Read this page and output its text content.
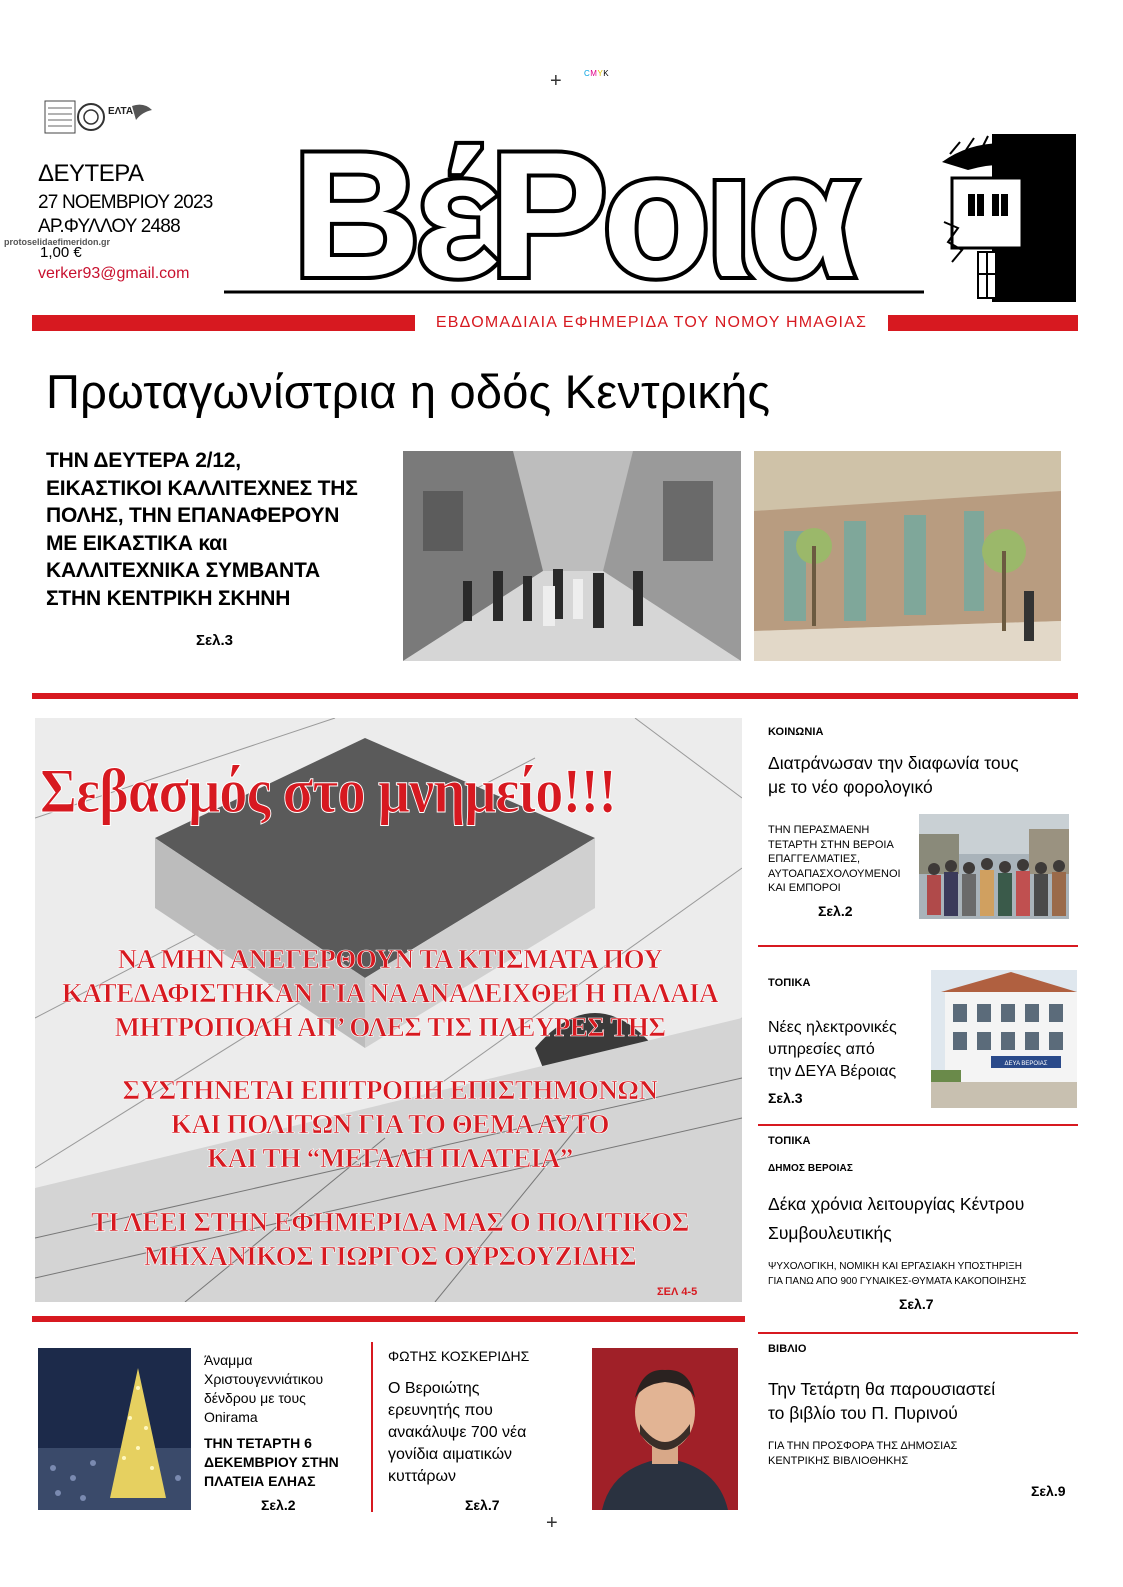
+	CMYK
ΕΛΤΑ
ΔΕΥΤΕΡΑ
27 ΝΟΕΜΒΡΙΟΥ 2023
ΑΡ.ΦΥΛΛΟΥ 2488
1,00 €
verker93@gmail.com
protoselidaefimeridon.gr ΒέΡοια
ΕΒΔΟΜΑΔΙΑΙΑ ΕΦΗΜΕΡΙΔΑ ΤΟΥ ΝΟΜΟΥ ΗΜΑΘΙΑΣ
Πρωταγωνίστρια η οδός Κεντρικής
ΤΗΝ ΔΕΥΤΕΡΑ 2/12,
ΕΙΚΑΣΤΙΚΟΙ ΚΑΛΛΙΤΕΧΝΕΣ ΤΗΣ
ΠΟΛΗΣ, ΤΗΝ ΕΠΑΝΑΦΕΡΟΥΝ
ΜΕ ΕΙΚΑΣΤΙΚΑ και
ΚΑΛΛΙΤΕΧΝΙΚΑ ΣΥΜΒΑΝΤΑ
ΣΤΗΝ ΚΕΝΤΡΙΚΗ ΣΚΗΝΗ
Σελ.3
Σεβασμός στο μνημείο!!!
ΝΑ ΜΗΝ ΑΝΕΓΕΡΘΟΥΝ ΤΑ ΚΤΙΣΜΑΤΑ ΠΟΥ
ΚΑΤΕΔΑΦΙΣΤΗΚΑΝ ΓΙΑ ΝΑ ΑΝΑΔΕΙΧΘΕΙ Η ΠΑΛΑΙΑ
ΜΗΤΡΟΠΟΛΗ ΑΠ’ ΟΛΕΣ ΤΙΣ ΠΛΕΥΡΕΣ ΤΗΣ
ΣΥΣΤΗΝΕΤΑΙ ΕΠΙΤΡΟΠΗ ΕΠΙΣΤΗΜΟΝΩΝ
ΚΑΙ ΠΟΛΙΤΩΝ ΓΙΑ ΤΟ ΘΕΜΑ ΑΥΤΟ
ΚΑΙ ΤΗ “ΜΕΓΑΛΗ ΠΛΑΤΕΙΑ”
ΤΙ ΛΕΕΙ ΣΤΗΝ ΕΦΗΜΕΡΙΔΑ ΜΑΣ Ο ΠΟΛΙΤΙΚΟΣ
ΜΗΧΑΝΙΚΟΣ ΓΙΩΡΓΟΣ ΟΥΡΣΟΥΖΙΔΗΣ
ΣΕΛ 4-5
ΚΟΙΝΩΝΙΑ
Διατράνωσαν την διαφωνία τους
με το νέο φορολογικό
ΤΗΝ ΠΕΡΑΣΜΑΕΝΗ
ΤΕΤΑΡΤΗ ΣΤΗΝ ΒΕΡΟΙΑ
ΕΠΑΓΓΕΛΜΑΤΙΕΣ,
ΑΥΤΟΑΠΑΣΧΟΛΟΥΜΕΝΟΙ
ΚΑΙ ΕΜΠΟΡΟΙ
Σελ.2
ΤΟΠΙΚΑ
Νέες ηλεκτρονικές
υπηρεσίες από
την ΔΕΥΑ Βέροιας
Σελ.3
ΔΕΥΑ ΒΕΡΟΙΑΣ
ΤΟΠΙΚΑ
ΔΗΜΟΣ ΒΕΡΟΙΑΣ
Δέκα χρόνια λειτουργίας Κέντρου
Συμβουλευτικής
ΨΥΧΟΛΟΓΙΚΗ, ΝΟΜΙΚΗ ΚΑΙ ΕΡΓΑΣΙΑΚΗ ΥΠΟΣΤΗΡΙΞΗ
ΓΙΑ ΠΑΝΩ ΑΠΟ 900 ΓΥΝΑΙΚΕΣ-ΘΥΜΑΤΑ ΚΑΚΟΠΟΙΗΣΗΣ
Σελ.7
ΒΙΒΛΙΟ
Την Τετάρτη θα παρουσιαστεί
το βιβλίο του Π. Πυρινού
ΓΙΑ ΤΗΝ ΠΡΟΣΦΟΡΑ ΤΗΣ ΔΗΜΟΣΙΑΣ
ΚΕΝΤΡΙΚΗΣ ΒΙΒΛΙΟΘΗΚΗΣ
Σελ.9
Άναμμα
Χριστουγεννιάτικου
δένδρου με τους
Onirama
ΤΗΝ ΤΕΤΑΡΤΗ 6
ΔΕΚΕΜΒΡΙΟΥ ΣΤΗΝ
ΠΛΑΤΕΙΑ ΕΛΗΑΣ
Σελ.2
ΦΩΤΗΣ ΚΟΣΚΕΡΙΔΗΣ
Ο Βεροιώτης
ερευνητής που
ανακάλυψε 700 νέα
γονίδια αιματικών
κυττάρων
Σελ.7
+
